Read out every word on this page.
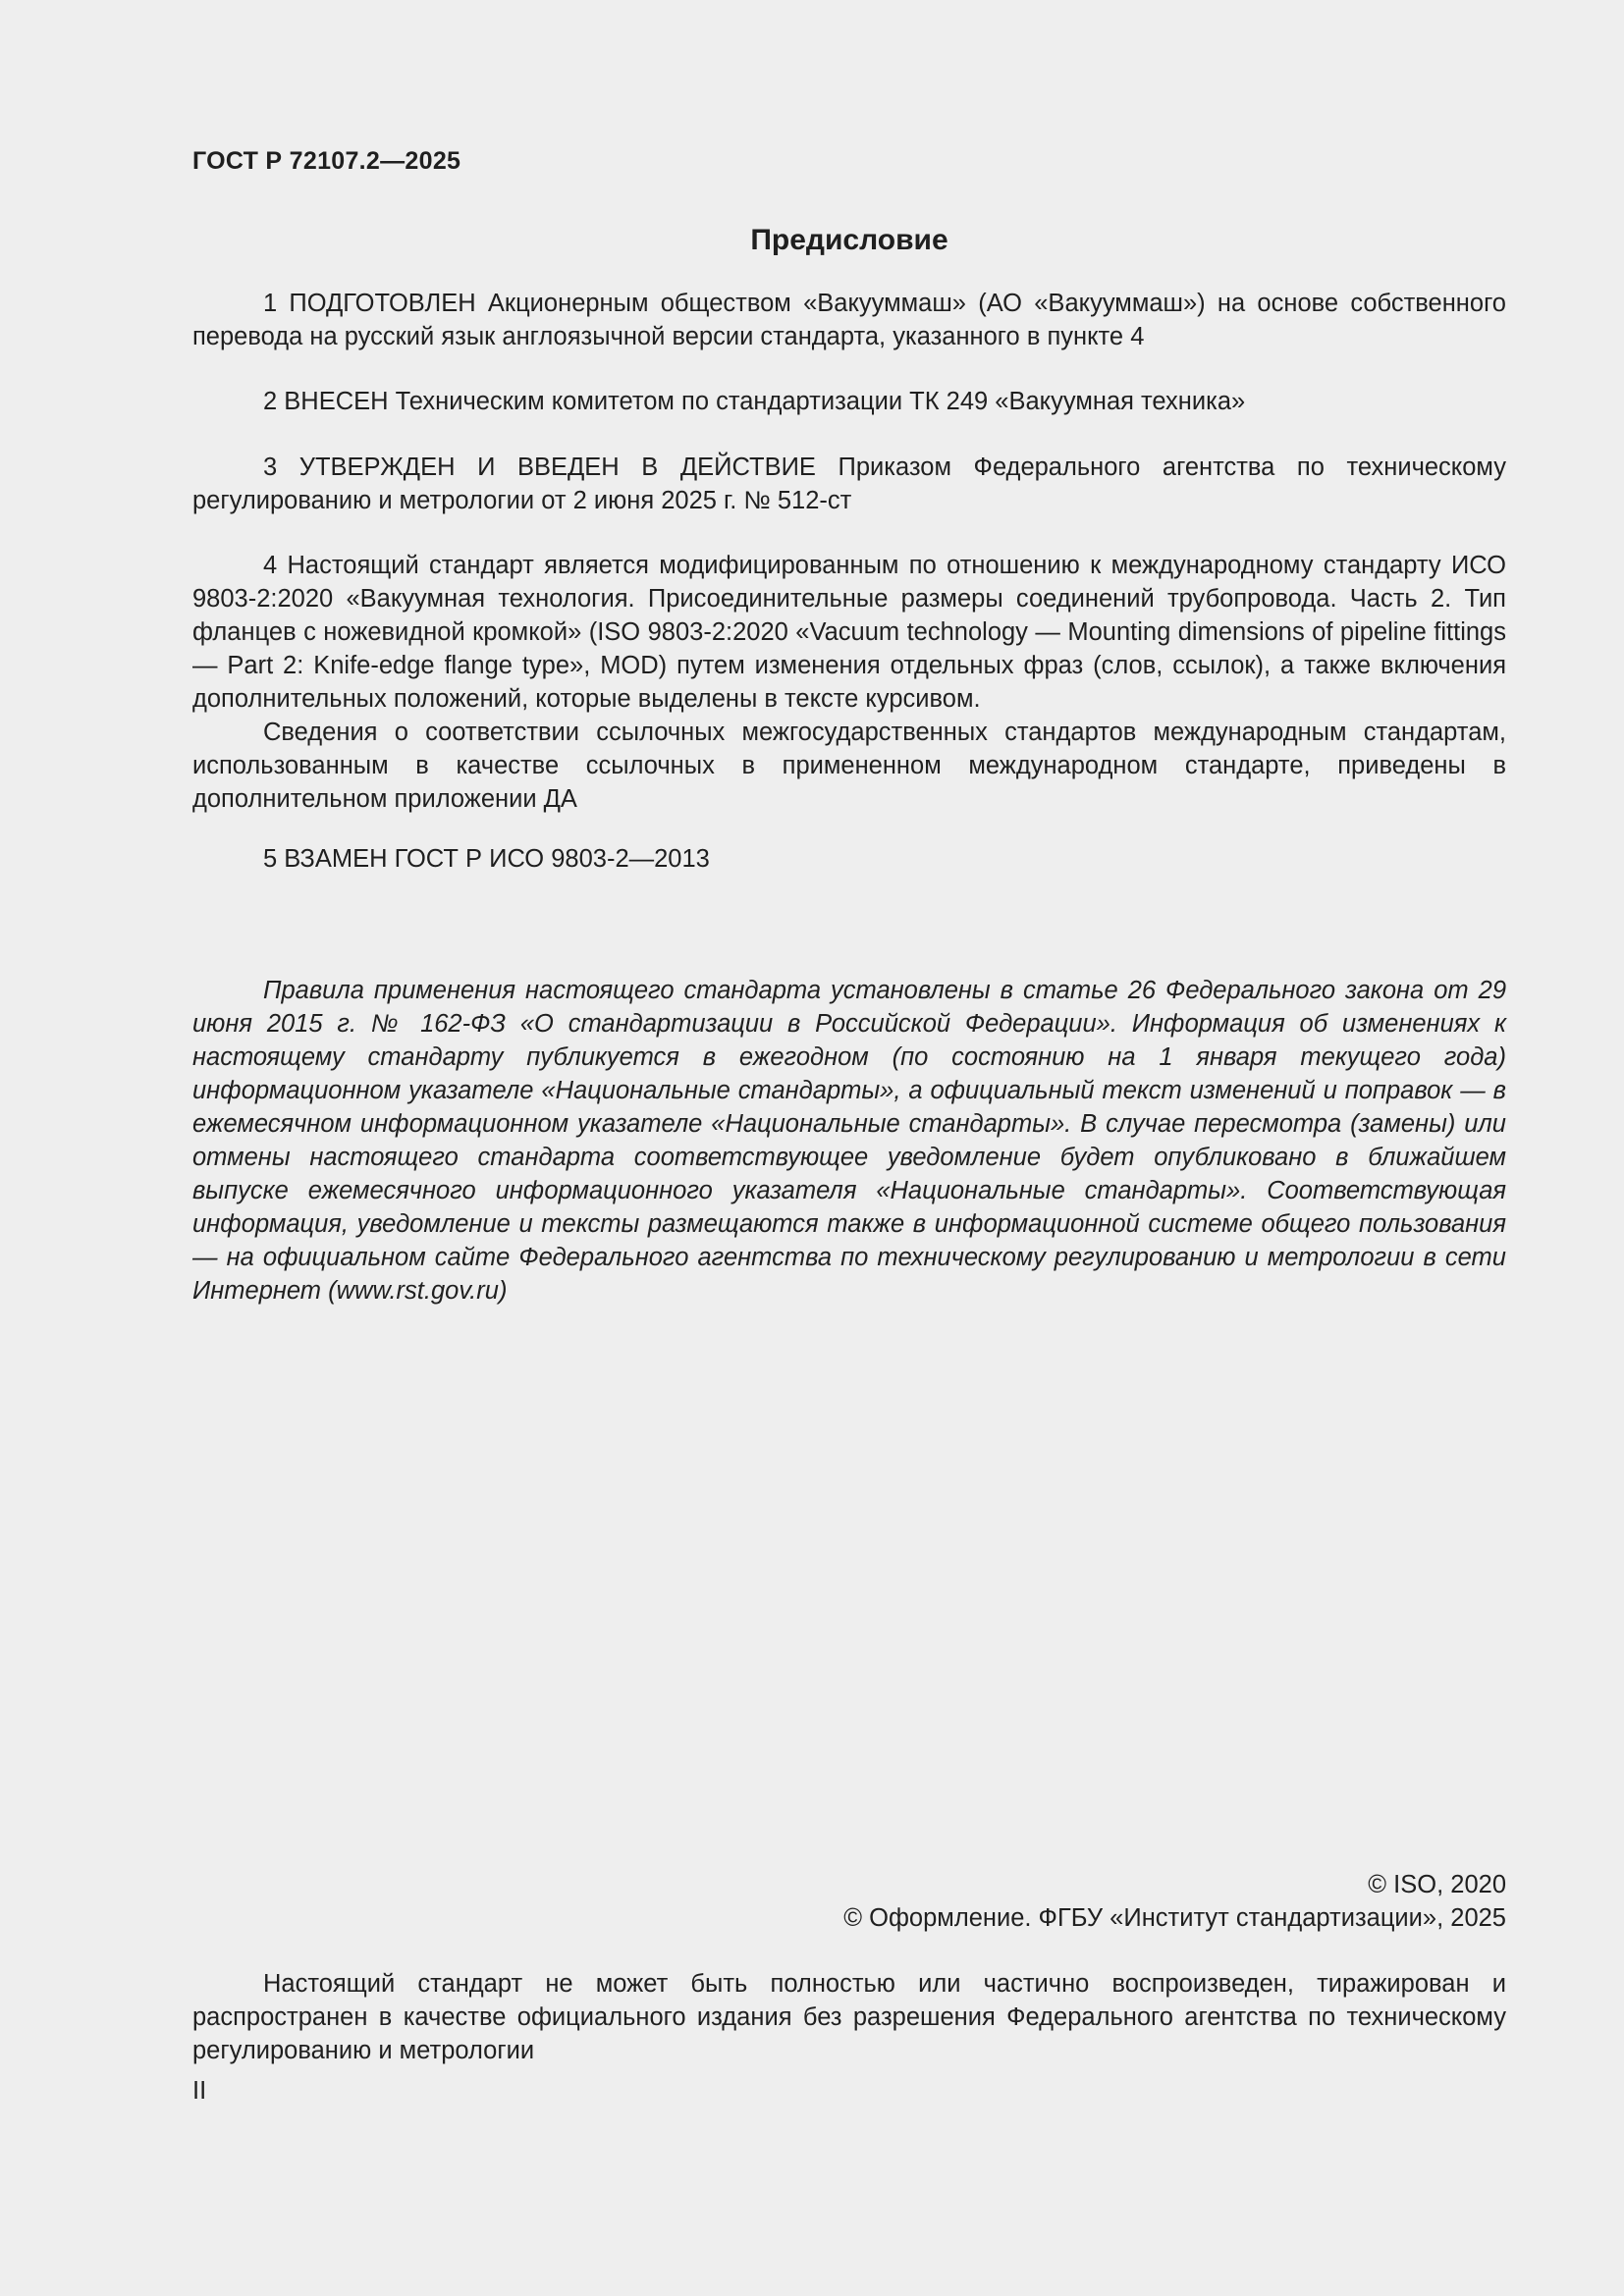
ГОСТ Р 72107.2—2025
Предисловие

1 ПОДГОТОВЛЕН Акционерным обществом «Вакууммаш» (АО «Вакууммаш») на основе собственного перевода на русский язык англоязычной версии стандарта, указанного в пункте 4

2 ВНЕСЕН Техническим комитетом по стандартизации ТК 249 «Вакуумная техника»

3 УТВЕРЖДЕН И ВВЕДЕН В ДЕЙСТВИЕ Приказом Федерального агентства по техническому регулированию и метрологии от 2 июня 2025 г. № 512-ст

4 Настоящий стандарт является модифицированным по отношению к международному стандарту ИСО 9803-2:2020 «Вакуумная технология. Присоединительные размеры соединений трубопровода. Часть 2. Тип фланцев с ножевидной кромкой» (ISO 9803-2:2020 «Vacuum technology — Mounting dimensions of pipeline fittings — Part 2: Knife-edge flange type», MOD) путем изменения отдельных фраз (слов, ссылок), а также включения дополнительных положений, которые выделены в тексте курсивом.

Сведения о соответствии ссылочных межгосударственных стандартов международным стандартам, использованным в качестве ссылочных в примененном международном стандарте, приведены в дополнительном приложении ДА

5 ВЗАМЕН ГОСТ Р ИСО 9803-2—2013

Правила применения настоящего стандарта установлены в статье 26 Федерального закона от 29 июня 2015 г. № 162-ФЗ «О стандартизации в Российской Федерации». Информация об изменениях к настоящему стандарту публикуется в ежегодном (по состоянию на 1 января текущего года) информационном указателе «Национальные стандарты», а официальный текст изменений и поправок — в ежемесячном информационном указателе «Национальные стандарты». В случае пересмотра (замены) или отмены настоящего стандарта соответствующее уведомление будет опубликовано в ближайшем выпуске ежемесячного информационного указателя «Национальные стандарты». Соответствующая информация, уведомление и тексты размещаются также в информационной системе общего пользования — на официальном сайте Федерального агентства по техническому регулированию и метрологии в сети Интернет (www.rst.gov.ru)

© ISO, 2020
© Оформление. ФГБУ «Институт стандартизации», 2025

Настоящий стандарт не может быть полностью или частично воспроизведен, тиражирован и распространен в качестве официального издания без разрешения Федерального агентства по техническому регулированию и метрологии

II
